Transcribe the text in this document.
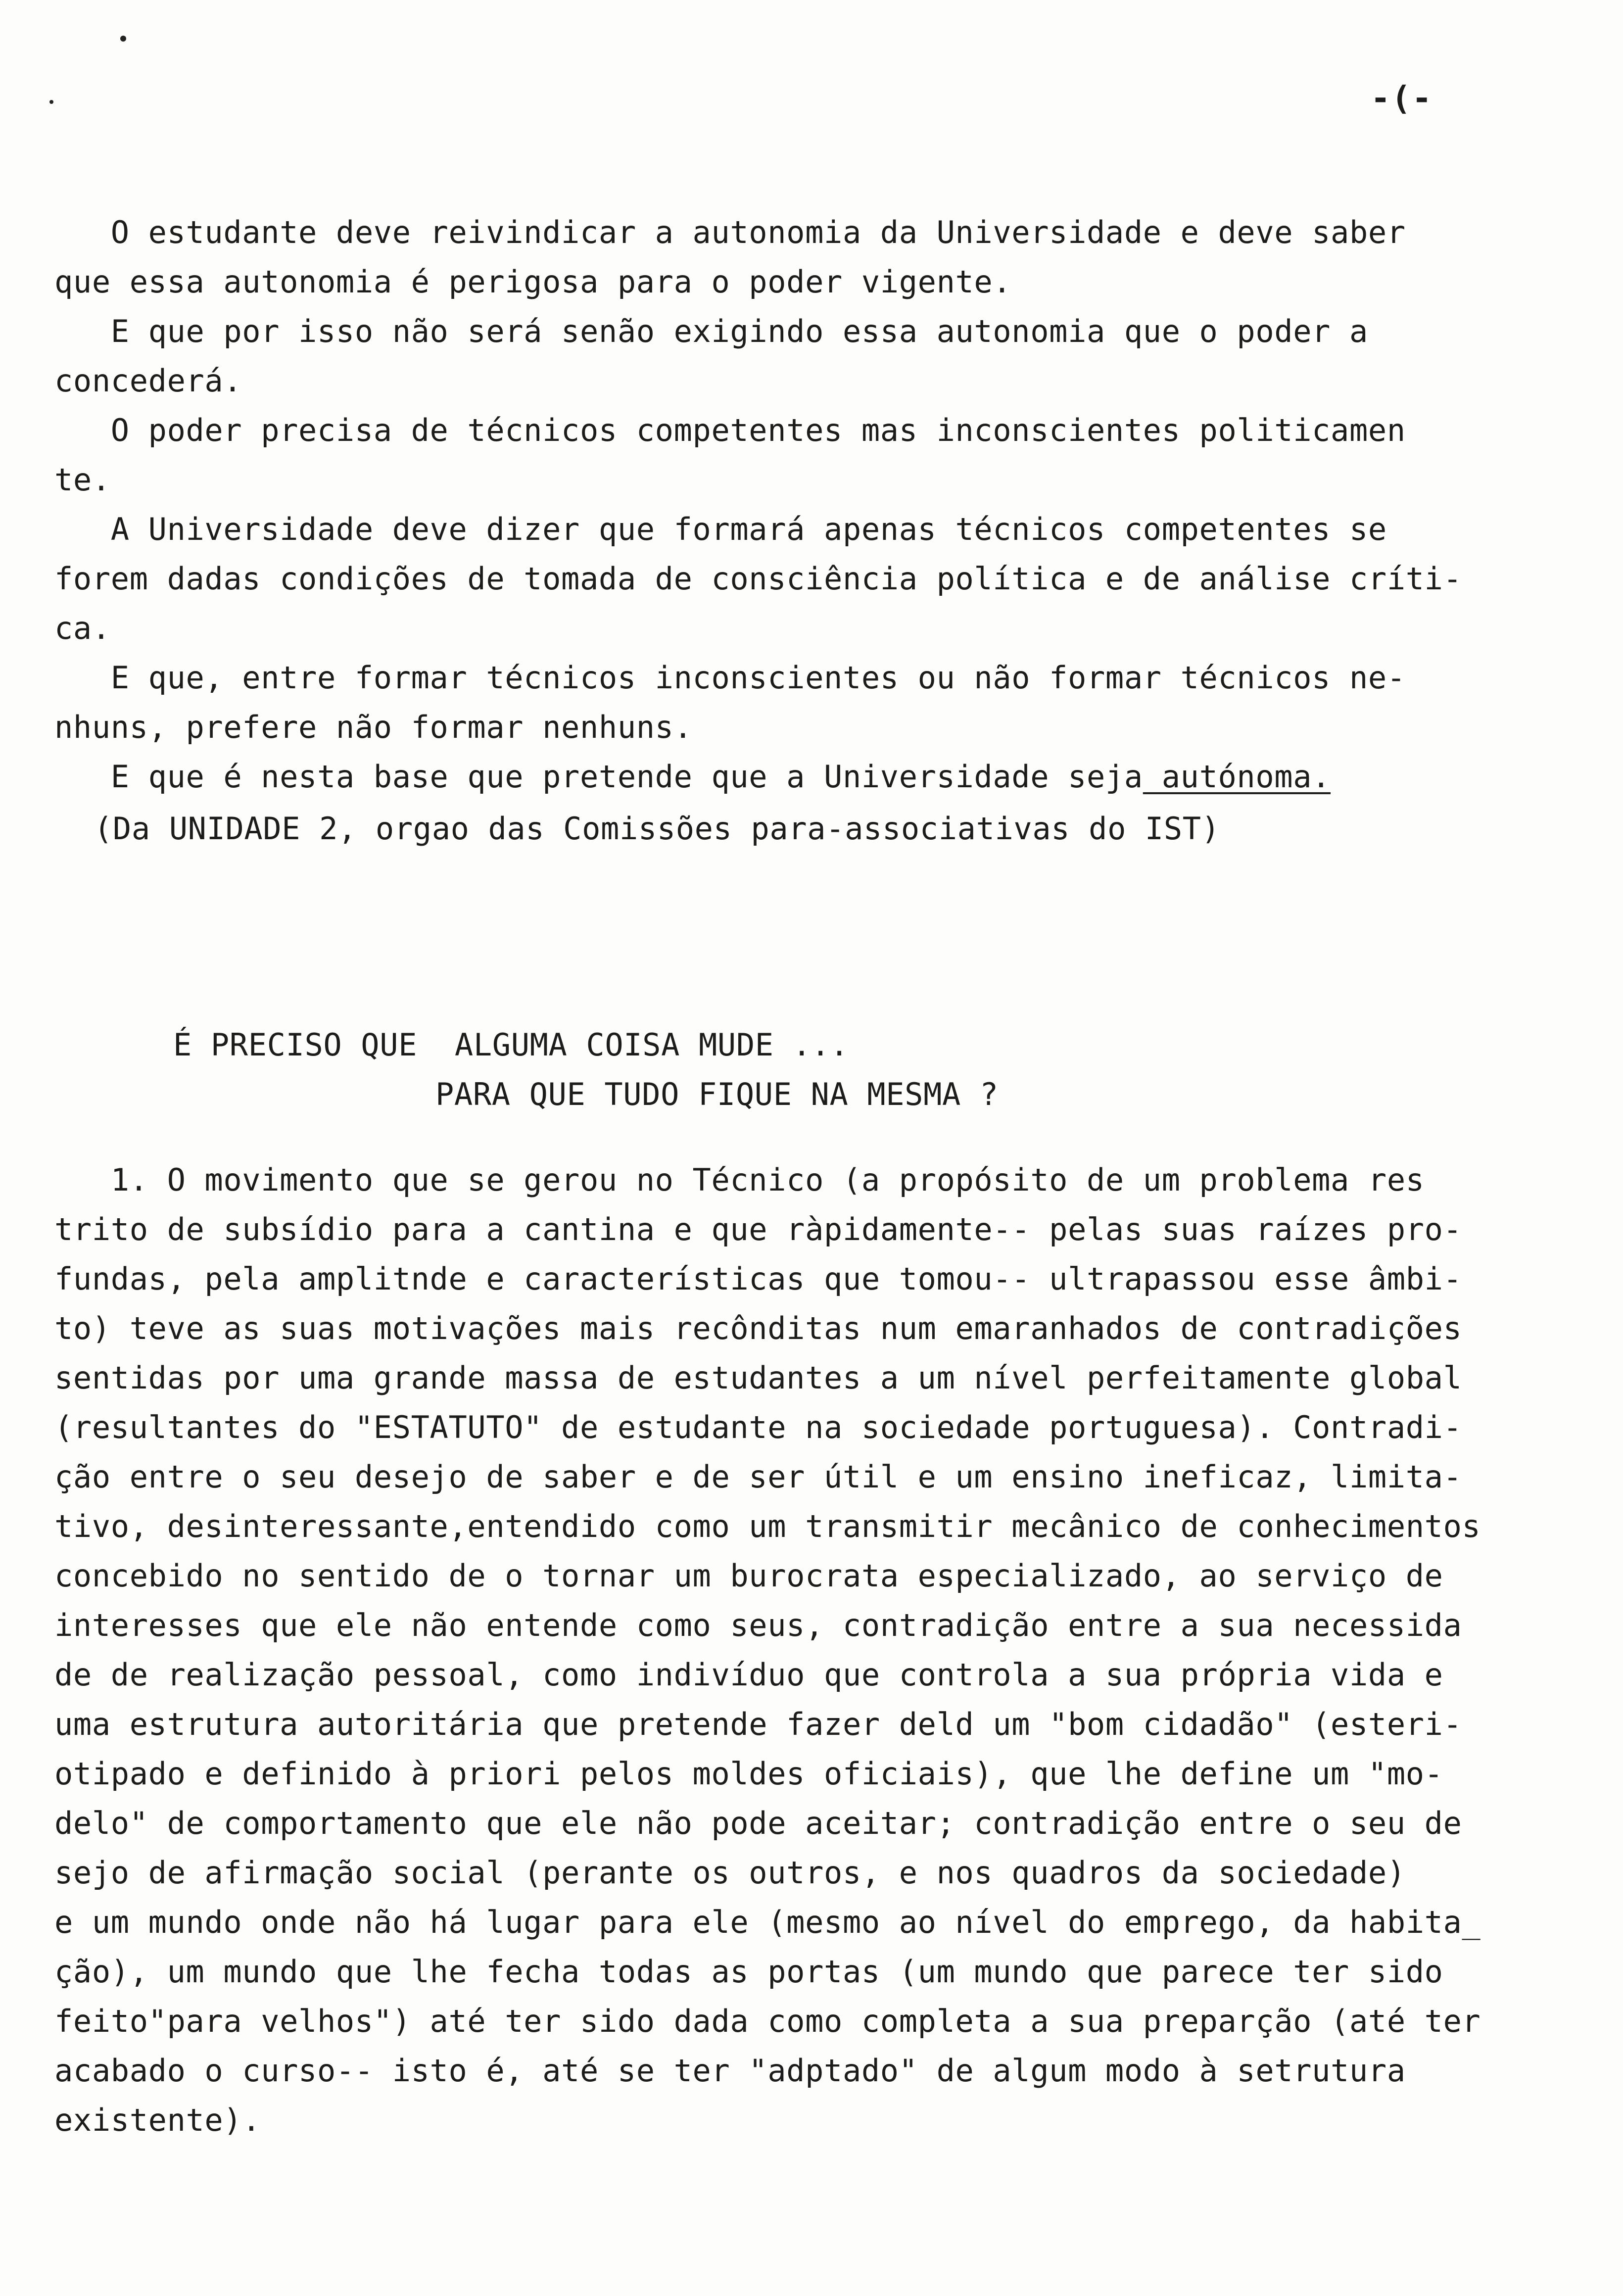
-(-
O estudante deve reivindicar a autonomia da Universidade e deve saber
que essa autonomia é perigosa para o poder vigente.
E que por isso não será senão exigindo essa autonomia que o poder a
concederá.
O poder precisa de técnicos competentes mas inconscientes politicamen
te.
A Universidade deve dizer que formará apenas técnicos competentes se
forem dadas condições de tomada de consciência política e de análise críti-
ca.
E que, entre formar técnicos inconscientes ou não formar técnicos ne-
nhuns, prefere não formar nenhuns.
E que é nesta base que pretende que a Universidade seja autónoma.
(Da UNIDADE 2, orgao das Comissões para-associativas do IST)
É PRECISO QUE  ALGUMA COISA MUDE ...
PARA QUE TUDO FIQUE NA MESMA ?
1. O movimento que se gerou no Técnico (a propósito de um problema res
trito de subsídio para a cantina e que ràpidamente-- pelas suas raízes pro-
fundas, pela amplitnde e características que tomou-- ultrapassou esse âmbi-
to) teve as suas motivações mais recônditas num emaranhados de contradições
sentidas por uma grande massa de estudantes a um nível perfeitamente global
(resultantes do "ESTATUTO" de estudante na sociedade portuguesa). Contradi-
ção entre o seu desejo de saber e de ser útil e um ensino ineficaz, limita-
tivo, desinteressante,entendido como um transmitir mecânico de conhecimentos
concebido no sentido de o tornar um burocrata especializado, ao serviço de
interesses que ele não entende como seus, contradição entre a sua necessida
de de realização pessoal, como indivíduo que controla a sua própria vida e
uma estrutura autoritária que pretende fazer deld um "bom cidadão" (esteri-
otipado e definido à priori pelos moldes oficiais), que lhe define um "mo-
delo" de comportamento que ele não pode aceitar; contradição entre o seu de
sejo de afirmação social (perante os outros, e nos quadros da sociedade)
e um mundo onde não há lugar para ele (mesmo ao nível do emprego, da habita_
ção), um mundo que lhe fecha todas as portas (um mundo que parece ter sido
feito"para velhos") até ter sido dada como completa a sua preparção (até ter
acabado o curso-- isto é, até se ter "adptado" de algum modo à setrutura
existente).
